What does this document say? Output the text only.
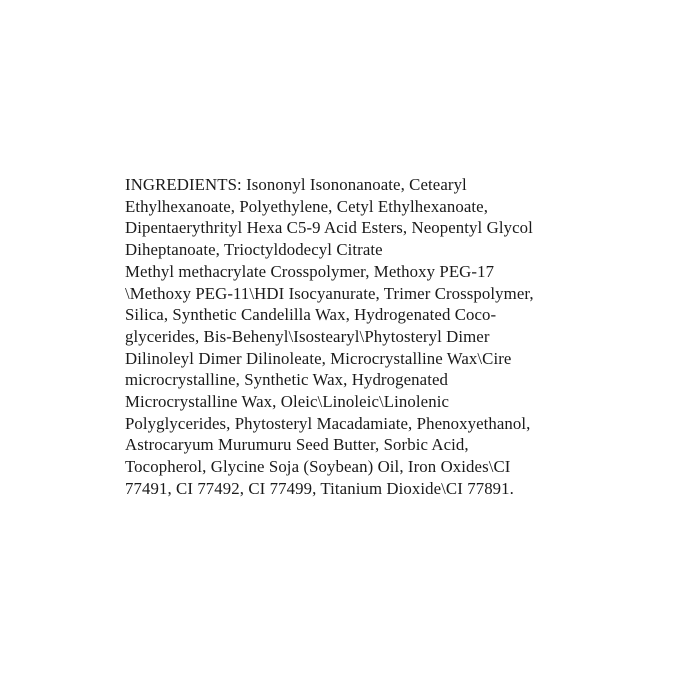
INGREDIENTS: Isononyl Isononanoate, Cetearyl
Ethylhexanoate, Polyethylene, Cetyl Ethylhexanoate,
Dipentaerythrityl Hexa C5-9 Acid Esters, Neopentyl Glycol
Diheptanoate, Trioctyldodecyl Citrate
Methyl methacrylate Crosspolymer, Methoxy PEG-17
\Methoxy PEG-11\HDI Isocyanurate, Trimer Crosspolymer,
Silica, Synthetic Candelilla Wax, Hydrogenated Coco-
glycerides, Bis-Behenyl\Isostearyl\Phytosteryl Dimer
Dilinoleyl Dimer Dilinoleate, Microcrystalline Wax\Cire
microcrystalline, Synthetic Wax, Hydrogenated
Microcrystalline Wax, Oleic\Linoleic\Linolenic
Polyglycerides, Phytosteryl Macadamiate, Phenoxyethanol,
Astrocaryum Murumuru Seed Butter, Sorbic Acid,
Tocopherol, Glycine Soja (Soybean) Oil, Iron Oxides\CI
77491, CI 77492, CI 77499, Titanium Dioxide\CI 77891.
